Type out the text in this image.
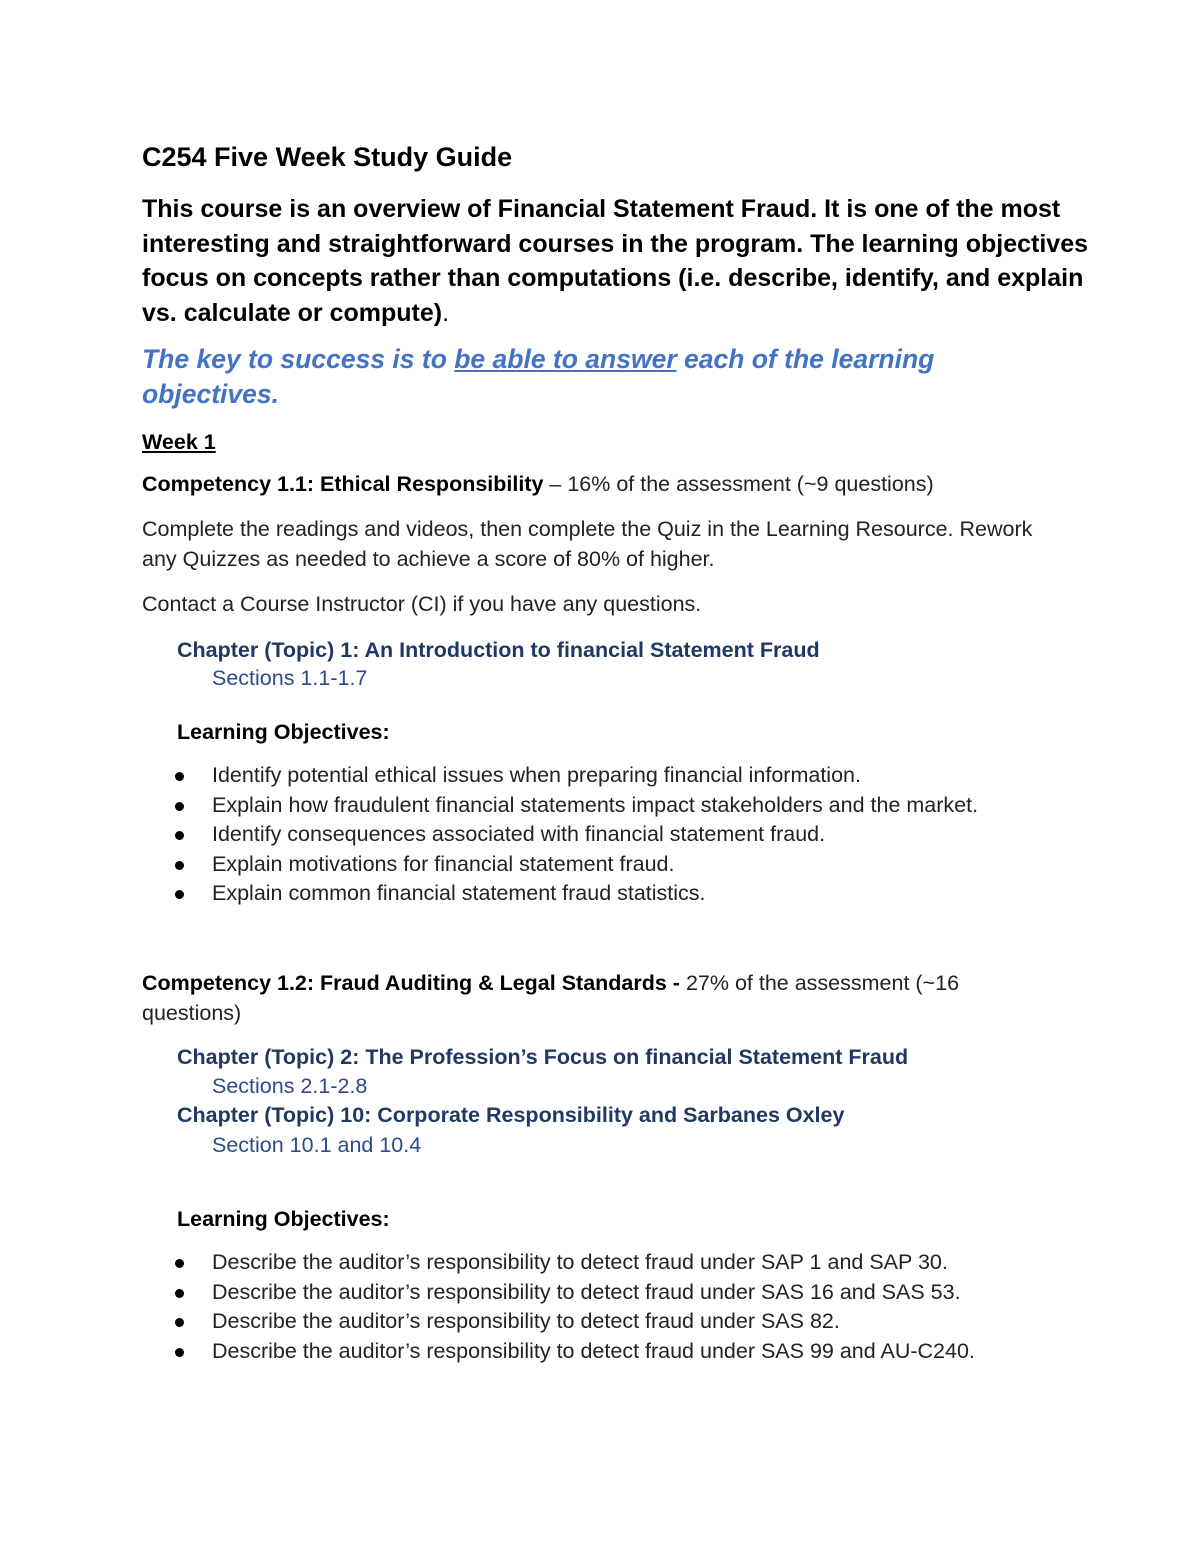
C254 Five Week Study Guide

This course is an overview of Financial Statement Fraud. It is one of the most interesting and straightforward courses in the program. The learning objectives focus on concepts rather than computations (i.e. describe, identify, and explain vs. calculate or compute).

The key to success is to be able to answer each of the learning objectives.

Week 1

Competency 1.1: Ethical Responsibility – 16% of the assessment (~9 questions)

Complete the readings and videos, then complete the Quiz in the Learning Resource. Rework any Quizzes as needed to achieve a score of 80% of higher.

Contact a Course Instructor (CI) if you have any questions.

Chapter (Topic) 1: An Introduction to financial Statement Fraud

Sections 1.1-1.7

Learning Objectives:

Identify potential ethical issues when preparing financial information.
Explain how fraudulent financial statements impact stakeholders and the market.
Identify consequences associated with financial statement fraud.
Explain motivations for financial statement fraud.
Explain common financial statement fraud statistics.

Competency 1.2: Fraud Auditing & Legal Standards - 27% of the assessment (~16 questions)

Chapter (Topic) 2: The Profession’s Focus on financial Statement Fraud

Sections 2.1-2.8

Chapter (Topic) 10: Corporate Responsibility and Sarbanes Oxley

Section 10.1 and 10.4

Learning Objectives:

Describe the auditor’s responsibility to detect fraud under SAP 1 and SAP 30.
Describe the auditor’s responsibility to detect fraud under SAS 16 and SAS 53.
Describe the auditor’s responsibility to detect fraud under SAS 82.
Describe the auditor’s responsibility to detect fraud under SAS 99 and AU-C240.
